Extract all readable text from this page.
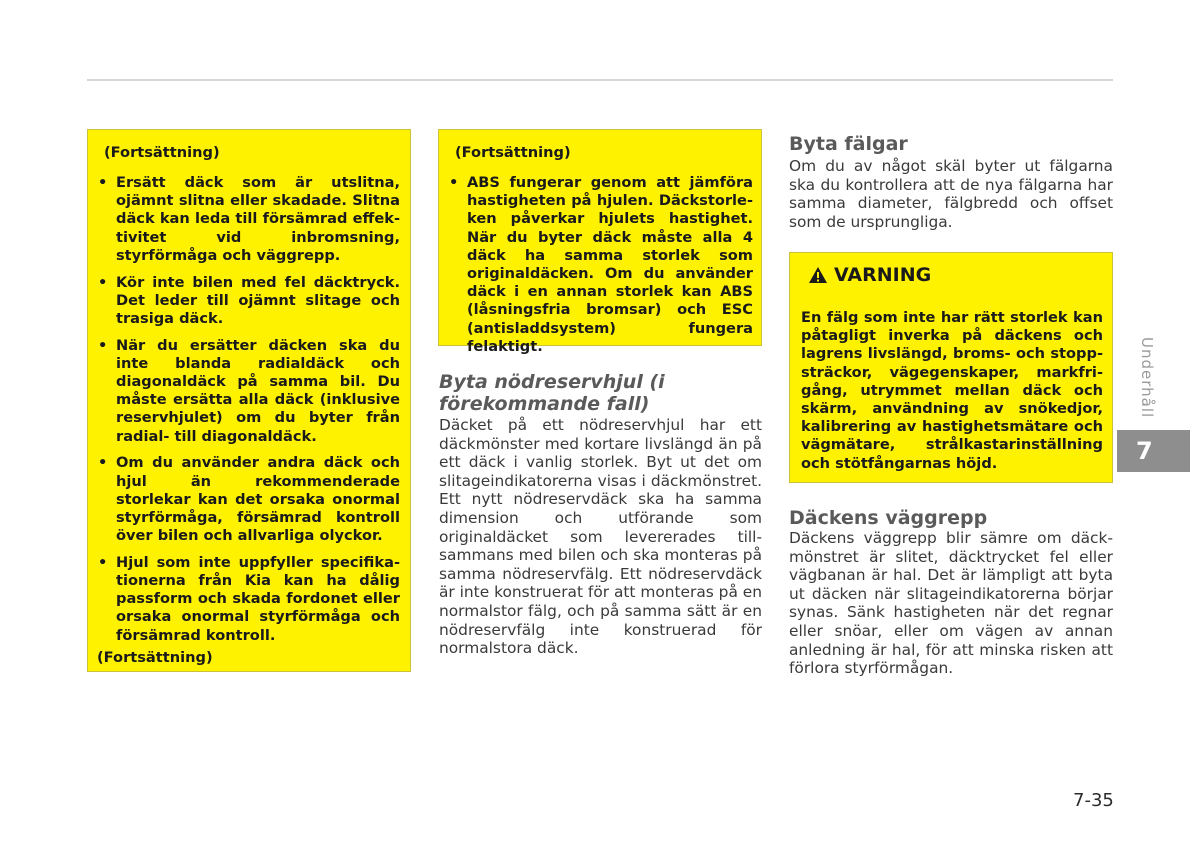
(Fortsättning)
• Ersätt däck som är utslitna, ojämnt slitna eller skadade. Slitna däck kan leda till försämrad effektivitet vid inbromsning, styrförmåga och väggrepp.
• Kör inte bilen med fel däcktryck. Det leder till ojämnt slitage och trasiga däck.
• När du ersätter däcken ska du inte blanda radialdäck och diagonaldäck på samma bil. Du måste ersätta alla däck (inklusive reservhjulet) om du byter från radial- till diagonaldäck.
• Om du använder andra däck och hjul än rekommenderade storlekar kan det orsaka onormal styrförmåga, försämrad kontroll över bilen och allvarliga olyckor.
• Hjul som inte uppfyller specifikationerna från Kia kan ha dålig passform och skada fordonet eller orsaka onormal styrförmåga och försämrad kontroll.
(Fortsättning)
(Fortsättning)
• ABS fungerar genom att jämföra hastigheten på hjulen. Däckstorleken påverkar hjulets hastighet. När du byter däck måste alla 4 däck ha samma storlek som originaldäcken. Om du använder däck i en annan storlek kan ABS (låsningsfria bromsar) och ESC (antisladdsystem) fungera felaktigt.
Byta nödreservhjul (i förekommande fall)
Däcket på ett nödreservhjul har ett däckmönster med kortare livslängd än på ett däck i vanlig storlek. Byt ut det om slitageindikatorerna visas i däckmönstret. Ett nytt nödreservdäck ska ha samma dimension och utförande som originaldäcket som levererades tillsammans med bilen och ska monteras på samma nödreservfälg. Ett nödreservdäck är inte konstruerat för att monteras på en normalstor fälg, och på samma sätt är en nödreservfälg inte konstruerad för normalstora däck.
Byta fälgar
Om du av något skäl byter ut fälgarna ska du kontrollera att de nya fälgarna har samma diameter, fälgbredd och offset som de ursprungliga.
VARNING
En fälg som inte har rätt storlek kan påtagligt inverka på däckens och lagrens livslängd, broms- och stoppsträckor, vägegenskaper, markfrigång, utrymmet mellan däck och skärm, användning av snökedjor, kalibrering av hastighetsmätare och vägmätare, strålkastarinställning och stötfångarnas höjd.
Däckens väggrepp
Däckens väggrepp blir sämre om däckmönstret är slitet, däcktrycket fel eller vägbanan är hal. Det är lämpligt att byta ut däcken när slitageindikatorerna börjar synas. Sänk hastigheten när det regnar eller snöar, eller om vägen av annan anledning är hal, för att minska risken att förlora styrförmågan.
Underhåll
7
7-35
